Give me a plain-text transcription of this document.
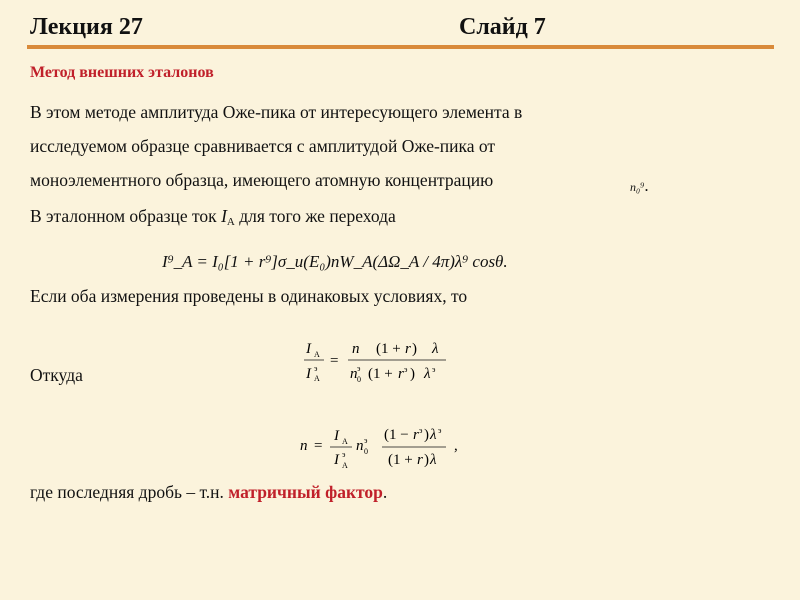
Лекция 27	Слайд 7
Метод внешних эталонов
В этом методе амплитуда Оже-пика от интересующего элемента в
исследуемом образце сравнивается с амплитудой Оже-пика от
моноэлементного образца, имеющего атомную концентрацию	n₀⁹.
В эталонном образце ток $I_A$ для того же перехода
I⁹_A = I₀[1 + r⁹]σ_и(E₀)nW_A(ΔΩ_A / 4π)λ⁹ cosθ.
Если оба измерения проведены в одинаковых условиях, то
Откуда
I_A / I⁹_A = n (1 + r) λ / n⁹₀ (1 + r⁹) λ⁹
I A
I э
A
=
n (1 + r ) λ
n э
0 (1 + r э ) λ э
n = (I_A / I⁹_A) n⁹₀ (1 − r⁹)λ⁹ / (1 + r)λ ,
n =
I A
I э
A
n э
0
(1 − r э ) λ э
(1 + r ) λ
,
где последняя дробь – т.н. матричный фактор.
